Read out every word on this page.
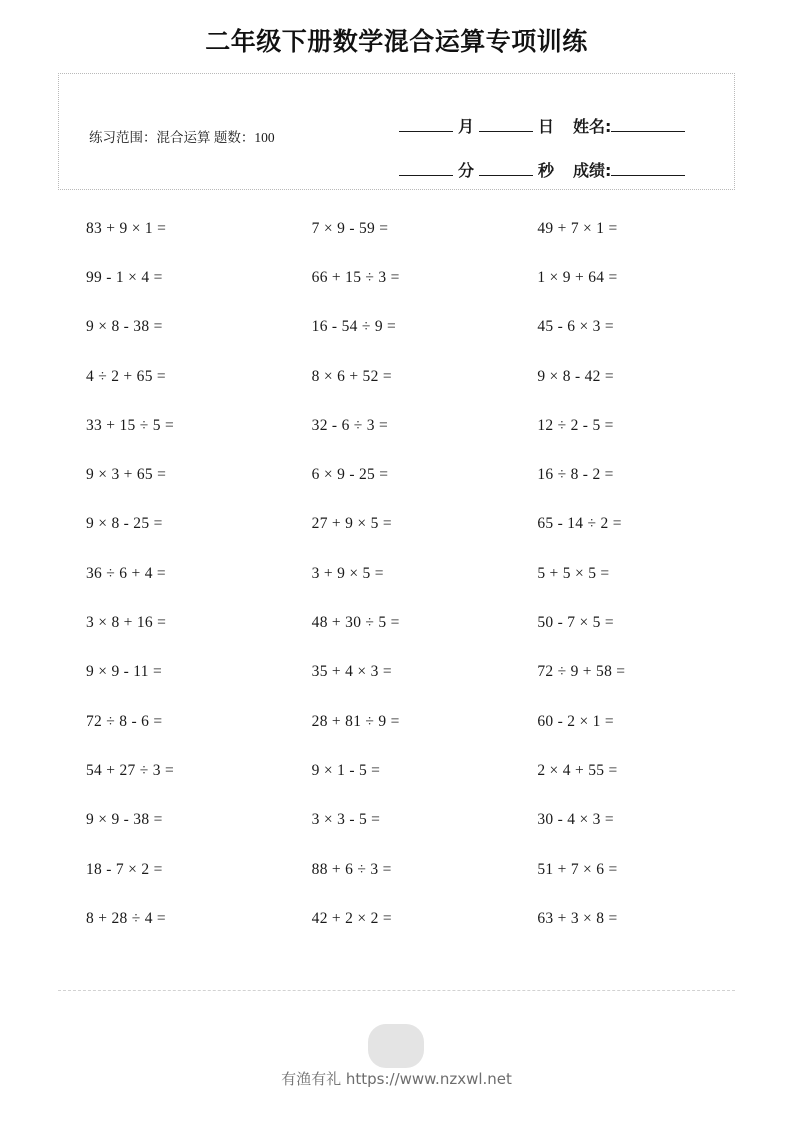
二年级下册数学混合运算专项训练
练习范围：混合运算 题数：100
月	日 姓名:
分	秒 成绩:
83 + 9 × 1 =	7 × 9 - 59 =	49 + 7 × 1 =
99 - 1 × 4 =	66 + 15 ÷ 3 =	1 × 9 + 64 =
9 × 8 - 38 =	16 - 54 ÷ 9 =	45 - 6 × 3 =
4 ÷ 2 + 65 =	8 × 6 + 52 =	9 × 8 - 42 =
33 + 15 ÷ 5 =	32 - 6 ÷ 3 =	12 ÷ 2 - 5 =
9 × 3 + 65 =	6 × 9 - 25 =	16 ÷ 8 - 2 =
9 × 8 - 25 =	27 + 9 × 5 =	65 - 14 ÷ 2 =
36 ÷ 6 + 4 =	3 + 9 × 5 =	5 + 5 × 5 =
3 × 8 + 16 =	48 + 30 ÷ 5 =	50 - 7 × 5 =
9 × 9 - 11 =	35 + 4 × 3 =	72 ÷ 9 + 58 =
72 ÷ 8 - 6 =	28 + 81 ÷ 9 =	60 - 2 × 1 =
54 + 27 ÷ 3 =	9 × 1 - 5 =	2 × 4 + 55 =
9 × 9 - 38 =	3 × 3 - 5 =	30 - 4 × 3 =
18 - 7 × 2 =	88 + 6 ÷ 3 =	51 + 7 × 6 =
8 + 28 ÷ 4 =	42 + 2 × 2 =	63 + 3 × 8 =
有渔有礼 https://www.nzxwl.net
